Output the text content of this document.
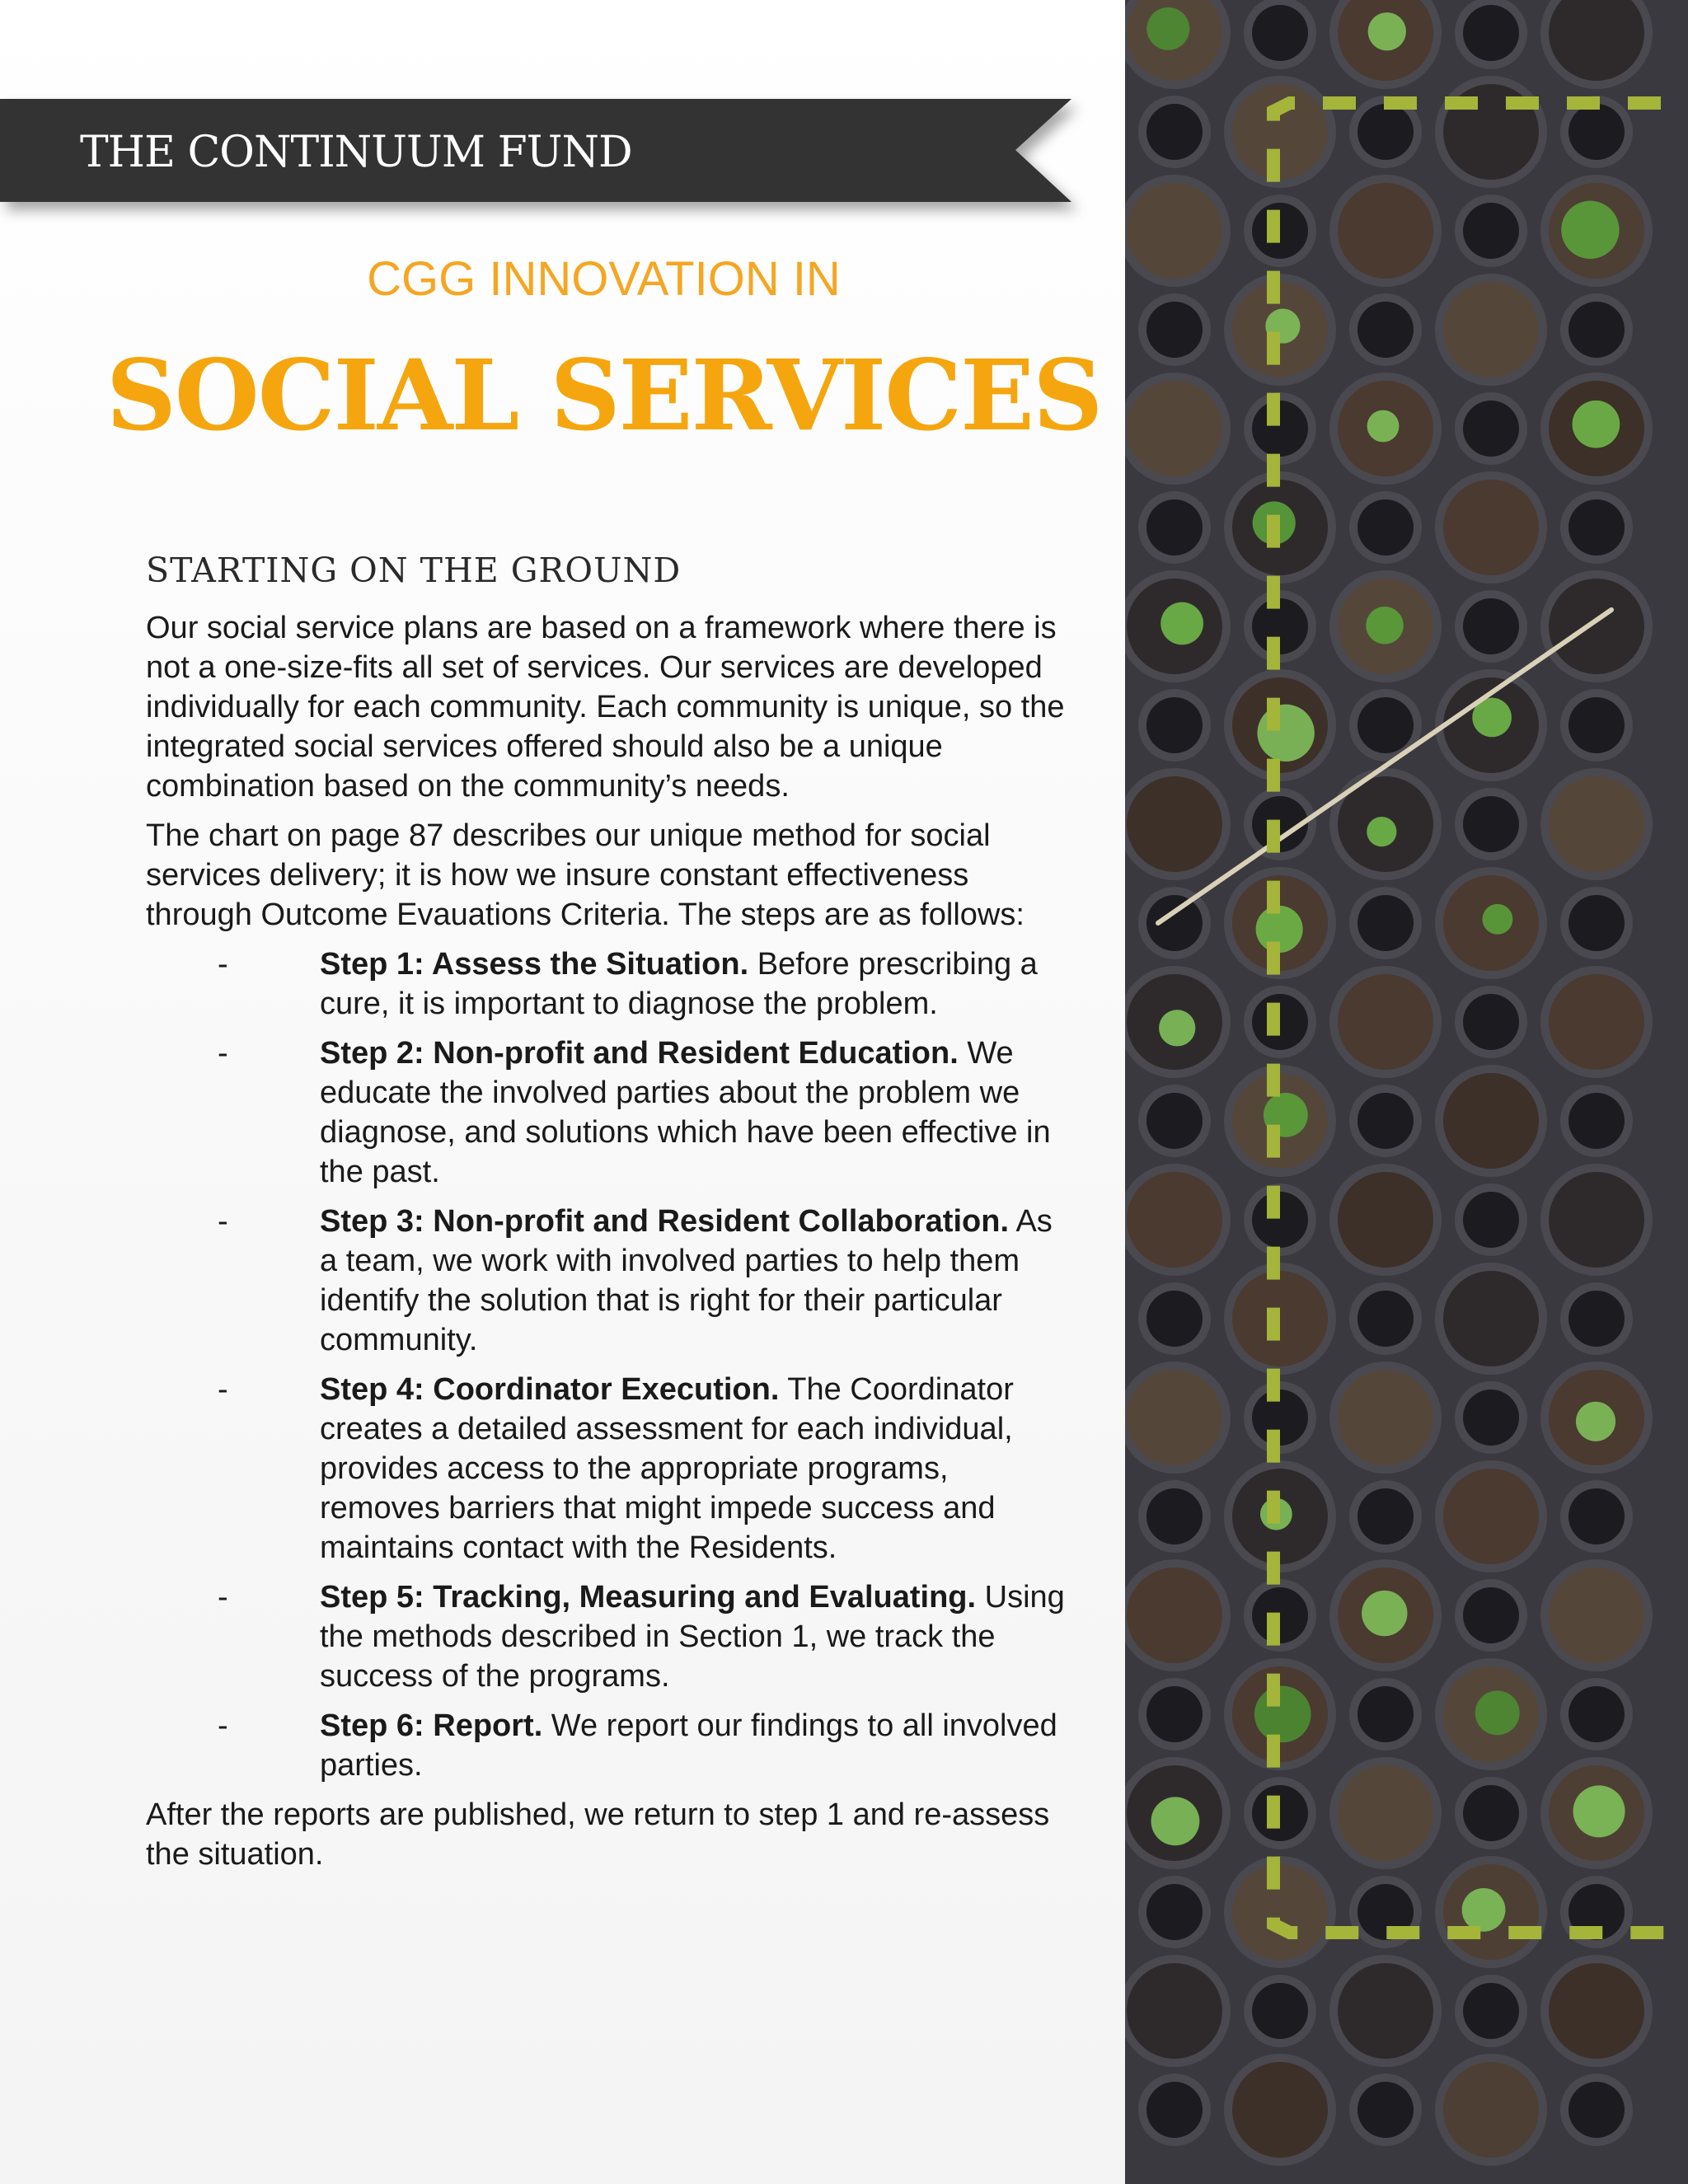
THE CONTINUUM FUND
CGG INNOVATION IN
SOCIAL SERVICES
STARTING ON THE GROUND

Our social service plans are based on a framework where there is not a one-size-fits all set of services. Our services are developed individually for each community. Each community is unique, so the integrated social services offered should also be a unique combination based on the community’s needs.

The chart on page 87 describes our unique method for social services delivery; it is how we insure constant effectiveness through Outcome Evauations Criteria. The steps are as follows:

-	Step 1: Assess the Situation. Before prescribing a cure, it is important to diagnose the problem.
-	Step 2: Non-profit and Resident Education. We educate the involved parties about the problem we diagnose, and solutions which have been effective in the past.
-	Step 3: Non-profit and Resident Collaboration. As a team, we work with involved parties to help them identify the solution that is right for their particular community.
-	Step 4: Coordinator Execution. The Coordinator creates a detailed assessment for each individual, provides access to the appropriate programs, removes barriers that might impede success and maintains contact with the Residents.
-	Step 5: Tracking, Measuring and Evaluating. Using the methods described in Section 1, we track the success of the programs.
-	Step 6: Report. We report our findings to all involved parties.

After the reports are published, we return to step 1 and re-assess the situation.
